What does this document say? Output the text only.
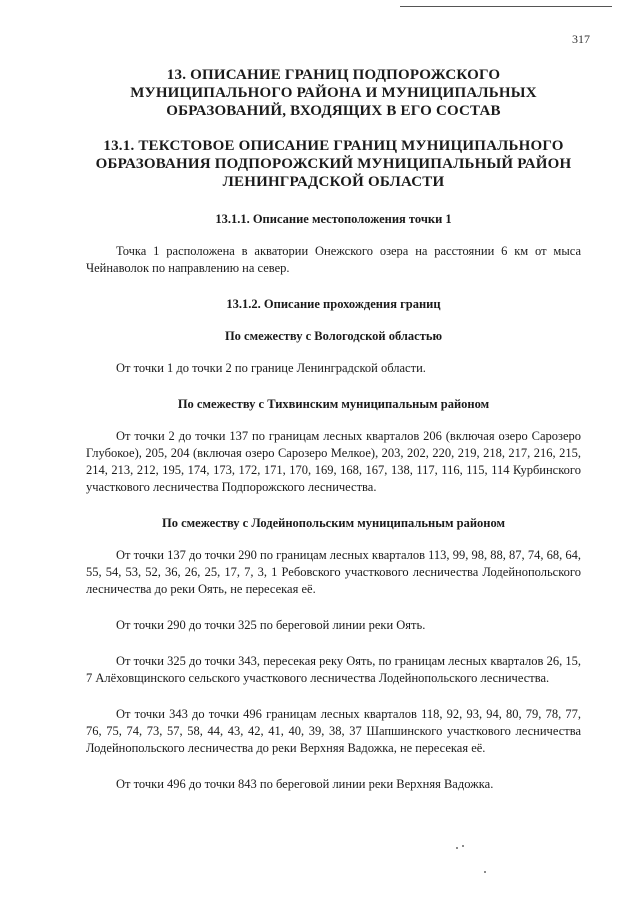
317
13. ОПИСАНИЕ ГРАНИЦ ПОДПОРОЖСКОГО МУНИЦИПАЛЬНОГО РАЙОНА И МУНИЦИПАЛЬНЫХ ОБРАЗОВАНИЙ, ВХОДЯЩИХ В ЕГО СОСТАВ
13.1. ТЕКСТОВОЕ ОПИСАНИЕ ГРАНИЦ МУНИЦИПАЛЬНОГО ОБРАЗОВАНИЯ ПОДПОРОЖСКИЙ МУНИЦИПАЛЬНЫЙ РАЙОН ЛЕНИНГРАДСКОЙ ОБЛАСТИ
13.1.1. Описание местоположения точки 1
Точка 1 расположена в акватории Онежского озера на расстоянии 6 км от мыса Чейнаволок по направлению на север.
13.1.2. Описание прохождения границ
По смежеству с Вологодской областью
От точки 1 до точки 2 по границе Ленинградской области.
По смежеству с Тихвинским муниципальным районом
От точки 2 до точки 137 по границам лесных кварталов 206 (включая озеро Сарозеро Глубокое), 205, 204 (включая озеро Сарозеро Мелкое), 203, 202, 220, 219, 218, 217, 216, 215, 214, 213, 212, 195, 174, 173, 172, 171, 170, 169, 168, 167, 138, 117, 116, 115, 114 Курбинского участкового лесничества Подпорожского лесничества.
По смежеству с Лодейнопольским муниципальным районом
От точки 137 до точки 290 по границам лесных кварталов 113, 99, 98, 88, 87, 74, 68, 64, 55, 54, 53, 52, 36, 26, 25, 17, 7, 3, 1 Ребовского участкового лесничества Лодейнопольского лесничества до реки Оять, не пересекая её.
От точки 290 до точки 325 по береговой линии реки Оять.
От точки 325 до точки 343, пересекая реку Оять, по границам лесных кварталов 26, 15, 7 Алёховщинского сельского участкового лесничества Лодейнопольского лесничества.
От точки 343 до точки 496 границам лесных кварталов 118, 92, 93, 94, 80, 79, 78, 77, 76, 75, 74, 73, 57, 58, 44, 43, 42, 41, 40, 39, 38, 37 Шапшинского участкового лесничества Лодейнопольского лесничества до реки Верхняя Вадожка, не пересекая её.
От точки 496 до точки 843 по береговой линии реки Верхняя Вадожка.
